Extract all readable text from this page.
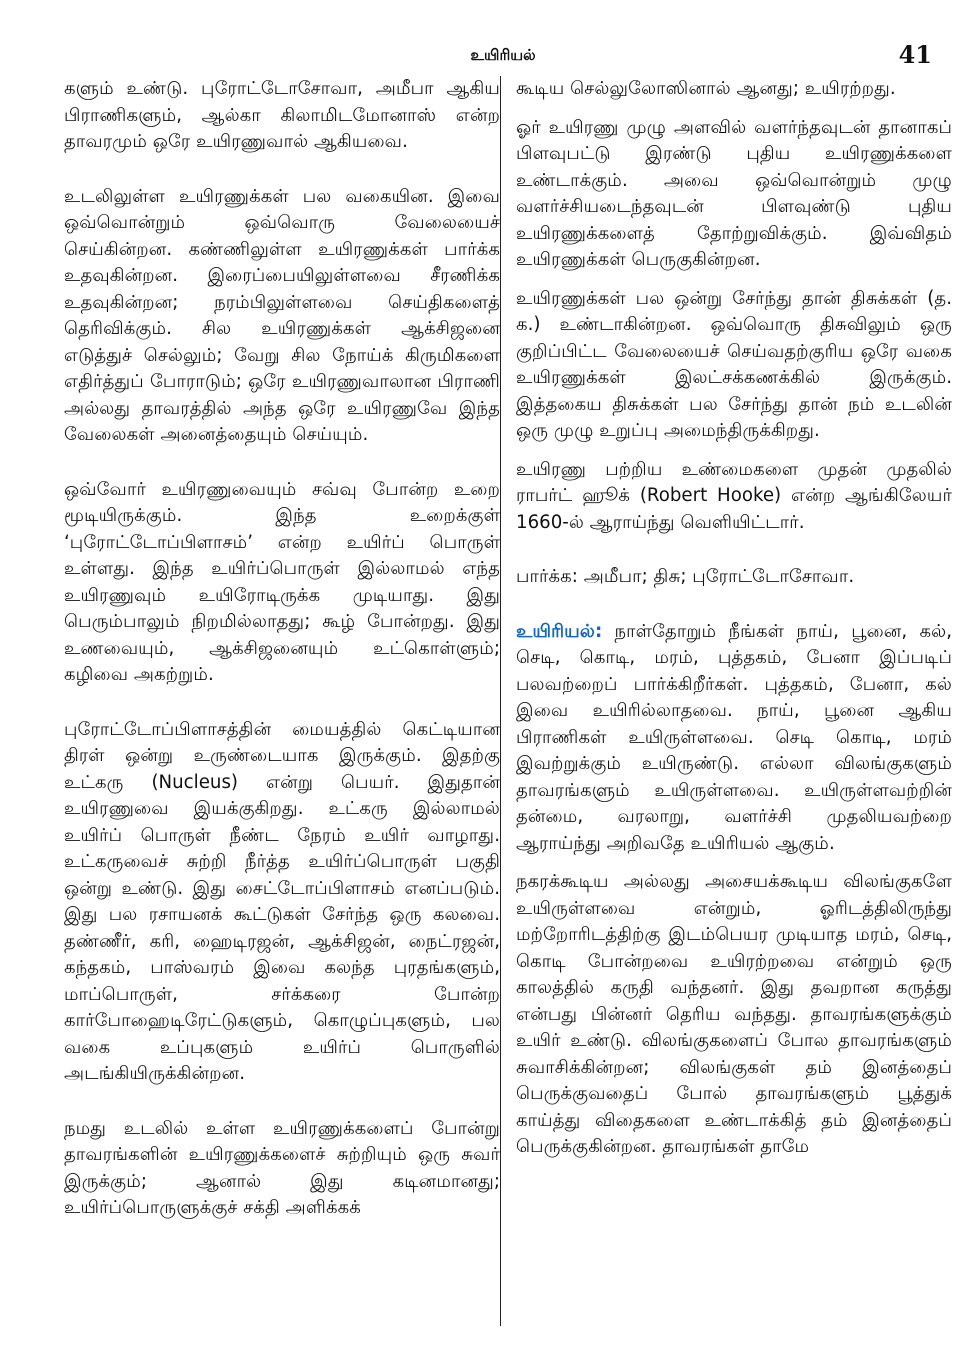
உயிரியல்	41

களும் உண்டு. புரோட்டோசோவா, அமீபா ஆகிய பிராணிகளும், ஆல்கா கிலாமிடமோனாஸ் என்ற தாவரமும் ஒரே உயிரணுவால் ஆகியவை.

உடலிலுள்ள உயிரணுக்கள் பல வகையின. இவை ஒவ்வொன்றும் ஒவ்வொரு வேலையைச் செய்கின்றன. கண்ணிலுள்ள உயிரணுக்கள் பார்க்க உதவுகின்றன. இரைப்பையிலுள்ளவை சீரணிக்க உதவுகின்றன; நரம்பிலுள்ளவை செய்திகளைத் தெரிவிக்கும். சில உயிரணுக்கள் ஆக்சிஜனை எடுத்துச் செல்லும்; வேறு சில நோய்க் கிருமிகளை எதிர்த்துப் போராடும்; ஒரே உயிரணுவாலான பிராணி அல்லது தாவரத்தில் அந்த ஒரே உயிரணுவே இந்த வேலைகள் அனைத்தையும் செய்யும்.

ஒவ்வோர் உயிரணுவையும் சவ்வு போன்ற உறை மூடியிருக்கும். இந்த உறைக்குள் ‘புரோட்டோப்பிளாசம்’ என்ற உயிர்ப் பொருள் உள்ளது. இந்த உயிர்ப்பொருள் இல்லாமல் எந்த உயிரணுவும் உயிரோடிருக்க முடியாது. இது பெரும்பாலும் நிறமில்லாதது; கூழ் போன்றது. இது உணவையும், ஆக்சிஜனையும் உட்கொள்ளும்; கழிவை அகற்றும்.

புரோட்டோப்பிளாசத்தின் மையத்தில் கெட்டியான திரள் ஒன்று உருண்டையாக இருக்கும். இதற்கு உட்கரு (Nucleus) என்று பெயர். இதுதான் உயிரணுவை இயக்குகிறது. உட்கரு இல்லாமல் உயிர்ப் பொருள் நீண்ட நேரம் உயிர் வாழாது. உட்கருவைச் சுற்றி நீர்த்த உயிர்ப்பொருள் பகுதி ஒன்று உண்டு. இது சைட்டோப்பிளாசம் எனப்படும். இது பல ரசாயனக் கூட்டுகள் சேர்ந்த ஒரு கலவை. தண்ணீர், கரி, ஹைடிரஜன், ஆக்சிஜன், நைட்ரஜன், கந்தகம், பாஸ்வரம் இவை கலந்த புரதங்களும், மாப்பொருள், சர்க்கரை போன்ற கார்போஹைடிரேட்டுகளும், கொழுப்புகளும், பல வகை உப்புகளும் உயிர்ப் பொருளில் அடங்கியிருக்கின்றன.

நமது உடலில் உள்ள உயிரணுக்களைப் போன்று தாவரங்களின் உயிரணுக்களைச் சுற்றியும் ஒரு சுவர் இருக்கும்; ஆனால் இது கடினமானது; உயிர்ப்பொருளுக்குச் சக்தி அளிக்கக்

கூடிய செல்லுலோஸினால் ஆனது; உயிரற்றது.

ஓர் உயிரணு முழு அளவில் வளர்ந்தவுடன் தானாகப் பிளவுபட்டு இரண்டு புதிய உயிரணுக்களை உண்டாக்கும். அவை ஒவ்வொன்றும் முழு வளர்ச்சியடைந்தவுடன் பிளவுண்டு புதிய உயிரணுக்களைத் தோற்றுவிக்கும். இவ்விதம் உயிரணுக்கள் பெருகுகின்றன.

உயிரணுக்கள் பல ஒன்று சேர்ந்து தான் திசுக்கள் (த. க.) உண்டாகின்றன. ஒவ்வொரு திசுவிலும் ஒரு குறிப்பிட்ட வேலையைச் செய்வதற்குரிய ஒரே வகை உயிரணுக்கள் இலட்சக்கணக்கில் இருக்கும். இத்தகைய திசுக்கள் பல சேர்ந்து தான் நம் உடலின் ஒரு முழு உறுப்பு அமைந்திருக்கிறது.

உயிரணு பற்றிய உண்மைகளை முதன் முதலில் ராபர்ட் ஹூக் (Robert Hooke) என்ற ஆங்கிலேயர் 1660-ல் ஆராய்ந்து வெளியிட்டார்.

பார்க்க: அமீபா; திசு; புரோட்டோசோவா.

உயிரியல்: நாள்தோறும் நீங்கள் நாய், பூனை, கல், செடி, கொடி, மரம், புத்தகம், பேனா இப்படிப் பலவற்றைப் பார்க்கிறீர்கள். புத்தகம், பேனா, கல் இவை உயிரில்லாதவை. நாய், பூனை ஆகிய பிராணிகள் உயிருள்ளவை. செடி கொடி, மரம் இவற்றுக்கும் உயிருண்டு. எல்லா விலங்குகளும் தாவரங்களும் உயிருள்ளவை. உயிருள்ளவற்றின் தன்மை, வரலாறு, வளர்ச்சி முதலியவற்றை ஆராய்ந்து அறிவதே உயிரியல் ஆகும்.

நகரக்கூடிய அல்லது அசையக்கூடிய விலங்குகளே உயிருள்ளவை என்றும், ஓரிடத்திலிருந்து மற்றோரிடத்திற்கு இடம்பெயர முடியாத மரம், செடி, கொடி போன்றவை உயிரற்றவை என்றும் ஒரு காலத்தில் கருதி வந்தனர். இது தவறான கருத்து என்பது பின்னர் தெரிய வந்தது. தாவரங்களுக்கும் உயிர் உண்டு. விலங்குகளைப் போல தாவரங்களும் சுவாசிக்கின்றன; விலங்குகள் தம் இனத்தைப் பெருக்குவதைப் போல் தாவரங்களும் பூத்துக் காய்த்து விதைகளை உண்டாக்கித் தம் இனத்தைப் பெருக்குகின்றன. தாவரங்கள் தாமே
